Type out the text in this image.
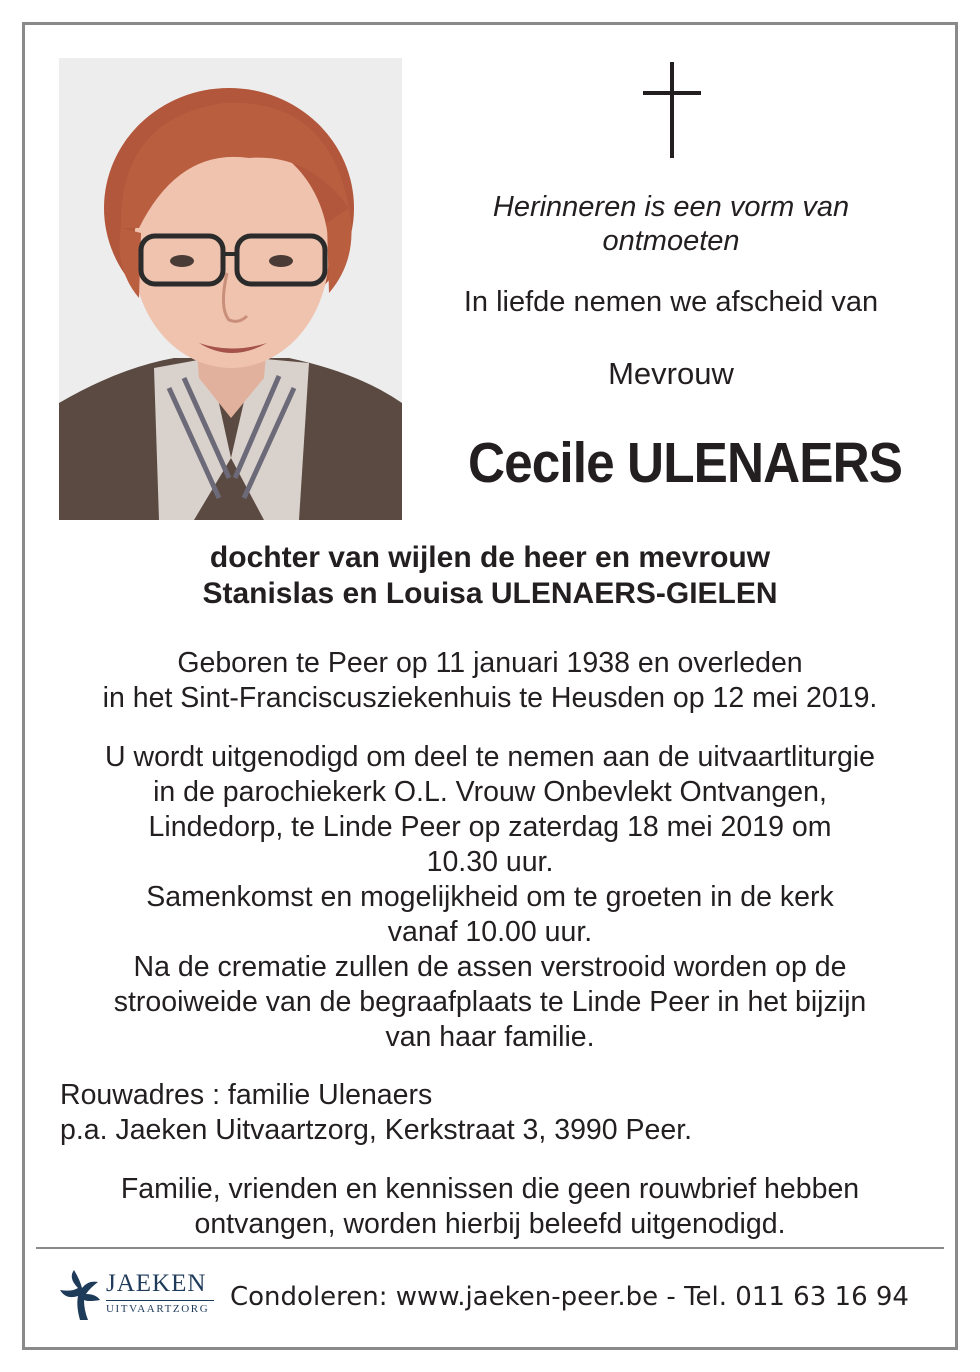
Herinneren is een vorm van
ontmoeten
In liefde nemen we afscheid van
Mevrouw
Cecile ULENAERS
dochter van wijlen de heer en mevrouw
Stanislas en Louisa ULENAERS-GIELEN
Geboren te Peer op 11 januari 1938 en overleden
in het Sint-Franciscusziekenhuis te Heusden op 12 mei 2019.
U wordt uitgenodigd om deel te nemen aan de uitvaartliturgie
in de parochiekerk O.L. Vrouw Onbevlekt Ontvangen,
Lindedorp, te Linde Peer op zaterdag 18 mei 2019 om
10.30 uur.
Samenkomst en mogelijkheid om te groeten in de kerk
vanaf 10.00 uur.
Na de crematie zullen de assen verstrooid worden op de
strooiweide van de begraafplaats te Linde Peer in het bijzijn
van haar familie.
Rouwadres : familie Ulenaers
p.a. Jaeken Uitvaartzorg, Kerkstraat 3, 3990 Peer.
Familie, vrienden en kennissen die geen rouwbrief hebben
ontvangen, worden hierbij beleefd uitgenodigd.
JAEKEN
UITVAARTZORG Condoleren: www.jaeken-peer.be - Tel. 011 63 16 94
